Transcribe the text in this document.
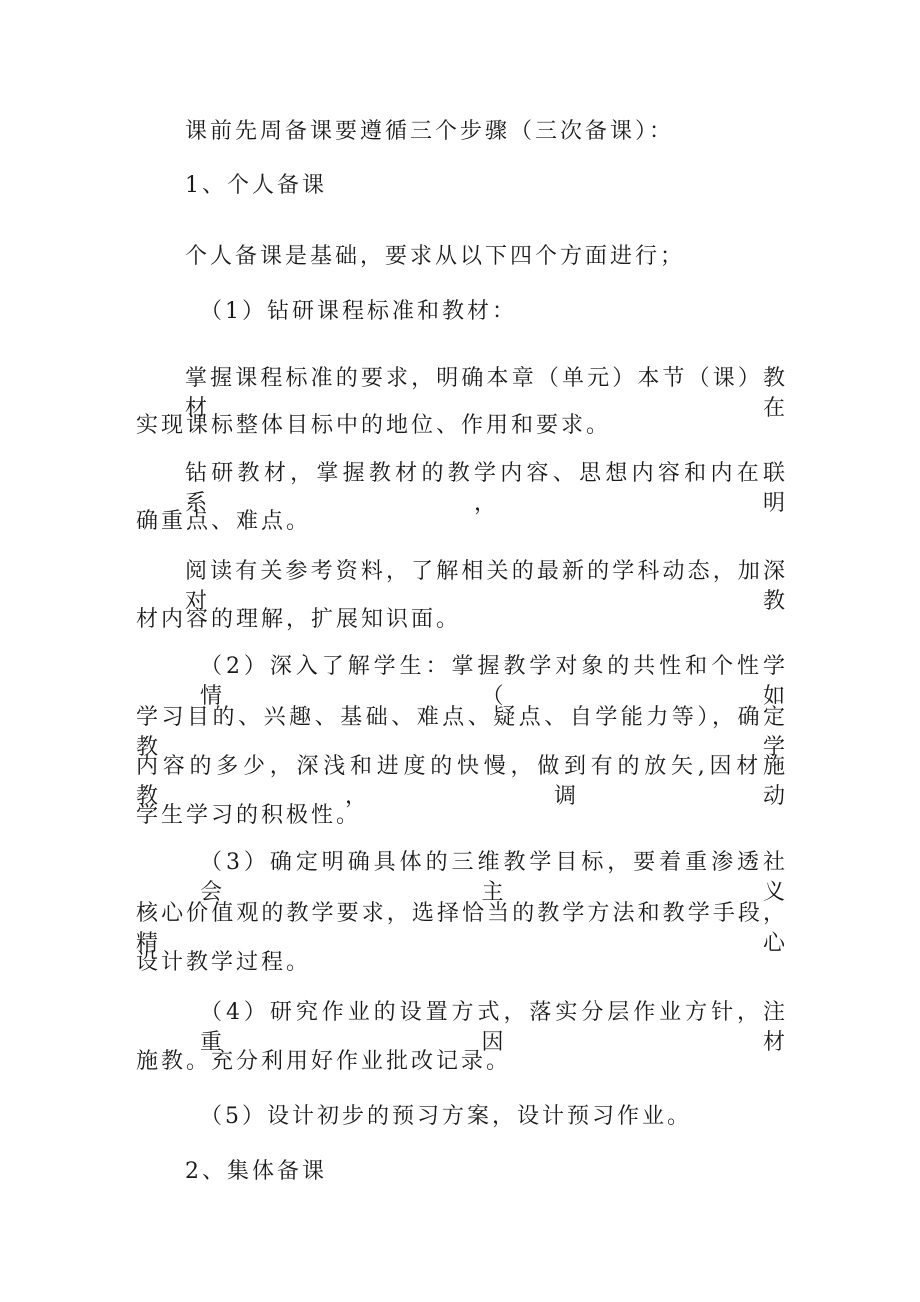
课前先周备课要遵循三个步骤（三次备课）：
1、个人备课
个人备课是基础，要求从以下四个方面进行；
（1）钻研课程标准和教材：
掌握课程标准的要求，明确本章（单元）本节（课）教材在
实现课标整体目标中的地位、作用和要求。
钻研教材，掌握教材的教学内容、思想内容和内在联系，明
确重点、难点。
阅读有关参考资料，了解相关的最新的学科动态，加深对教
材内容的理解，扩展知识面。
（2）深入了解学生：掌握教学对象的共性和个性学情（如
学习目的、兴趣、基础、难点、疑点、自学能力等），确定教学
内容的多少，深浅和进度的快慢，做到有的放矢,因材施教，调动
学生学习的积极性。
（3）确定明确具体的三维教学目标，要着重渗透社会主义
核心价值观的教学要求，选择恰当的教学方法和教学手段，精心
设计教学过程。
（4）研究作业的设置方式，落实分层作业方针，注重因材
施教。充分利用好作业批改记录。
（5）设计初步的预习方案，设计预习作业。
2、集体备课
